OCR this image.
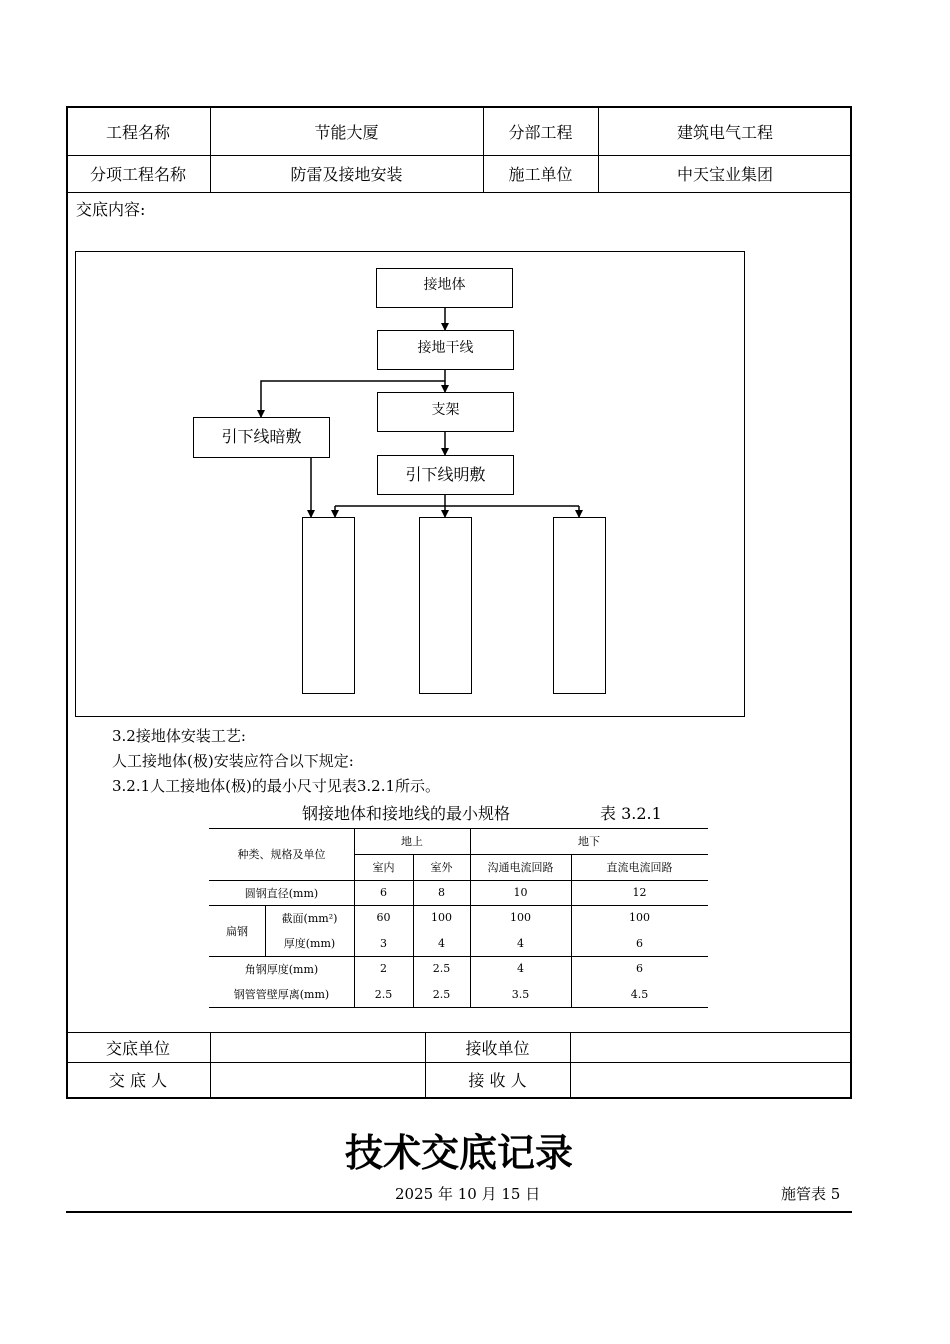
工程名称	节能大厦	分部工程	建筑电气工程
分项工程名称	防雷及接地安装	施工单位	中天宝业集团
交底内容:
接地体
接地干线
支架
引下线暗敷
引下线明敷
3.2接地体安装工艺:
人工接地体(极)安装应符合以下规定:
3.2.1人工接地体(极)的最小尺寸见表3.2.1所示。
钢接地体和接地线的最小规格	表 3.2.1
种类、规格及单位
地上	地下
室内	室外	沟通电流回路	直流电流回路
圆钢直径(mm)	6	8	10	12
扁钢
截面(mm²)	60	100	100	100
厚度(mm)	3	4	4	6
角钢厚度(mm)	2	2.5	4	6
钢管管壁厚离(mm)	2.5	2.5	3.5	4.5
交底单位	接收单位
交 底 人	接 收 人
技术交底记录
2025 年 10 月 15 日	施管表 5
